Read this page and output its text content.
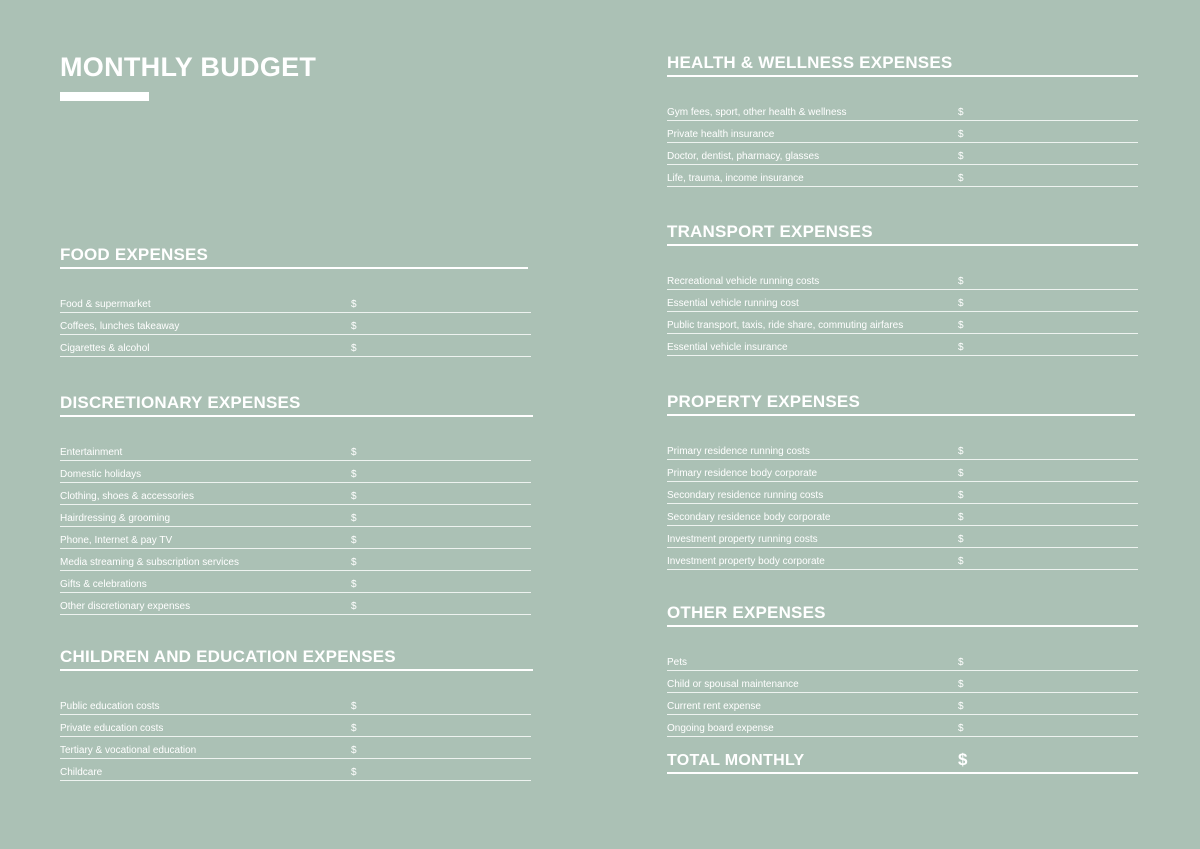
MONTHLY BUDGET
FOOD EXPENSES
Food & supermarket	$
Coffees, lunches takeaway	$
Cigarettes & alcohol	$
DISCRETIONARY EXPENSES
Entertainment	$
Domestic holidays	$
Clothing, shoes & accessories	$
Hairdressing & grooming	$
Phone, Internet & pay TV	$
Media streaming & subscription services	$
Gifts & celebrations	$
Other discretionary expenses	$
CHILDREN AND EDUCATION EXPENSES
Public education costs	$
Private education costs	$
Tertiary & vocational education	$
Childcare	$
HEALTH & WELLNESS EXPENSES
Gym fees, sport, other health & wellness	$
Private health insurance	$
Doctor, dentist, pharmacy, glasses	$
Life, trauma, income insurance	$
TRANSPORT EXPENSES
Recreational vehicle running costs	$
Essential vehicle running cost	$
Public transport, taxis, ride share, commuting airfares	$
Essential vehicle insurance	$
PROPERTY EXPENSES
Primary residence running costs	$
Primary residence body corporate	$
Secondary residence running costs	$
Secondary residence body corporate	$
Investment property running costs	$
Investment property body corporate	$
OTHER EXPENSES
Pets	$
Child or spousal maintenance	$
Current rent expense	$
Ongoing board expense	$
TOTAL MONTHLY	$
